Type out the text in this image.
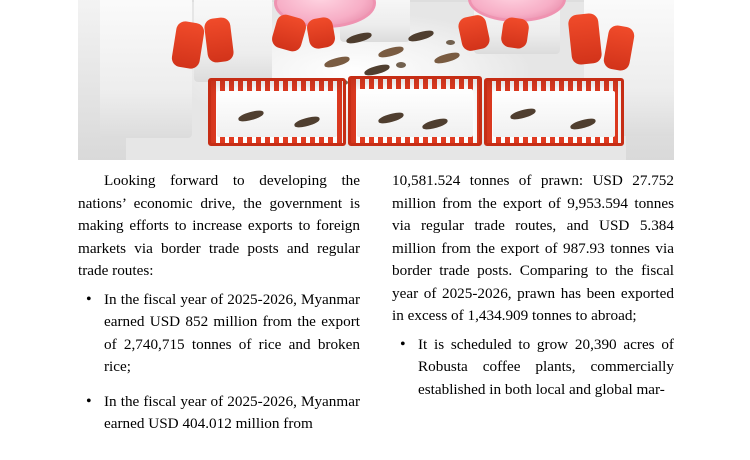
Looking forward to developing the nations’ economic drive, the government is making efforts to increase exports to foreign markets via border trade posts and regular trade routes:

• In the fiscal year of 2025-2026, Myanmar earned USD 852 million from the export of 2,740,715 tonnes of rice and broken rice;
• In the fiscal year of 2025-2026, Myanmar earned USD 404.012 million from

10,581.524 tonnes of prawn: USD 27.752 million from the export of 9,953.594 tonnes via regular trade routes, and USD 5.384 million from the export of 987.93 tonnes via border trade posts. Comparing to the fiscal year of 2025-2026, prawn has been exported in excess of 1,434.909 tonnes to abroad;

• It is scheduled to grow 20,390 acres of Robusta coffee plants, commercially established in both local and global mar-
